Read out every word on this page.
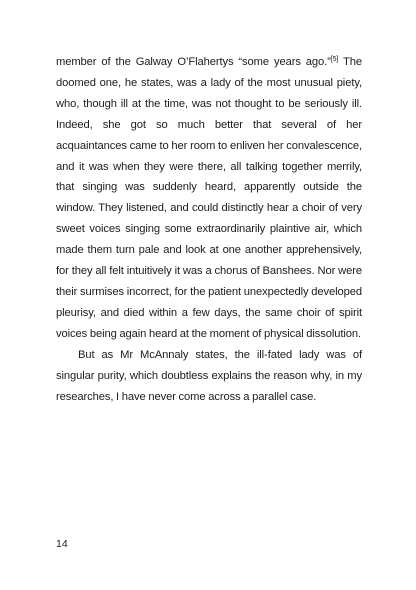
member of the Galway O’Flahertys “some years ago.”[5] The doomed one, he states, was a lady of the most unusual piety, who, though ill at the time, was not thought to be seriously ill. Indeed, she got so much better that several of her acquaintances came to her room to enliven her convalescence, and it was when they were there, all talking together merrily, that singing was suddenly heard, apparently outside the window. They listened, and could distinctly hear a choir of very sweet voices singing some extraordinarily plaintive air, which made them turn pale and look at one another apprehensively, for they all felt intuitively it was a chorus of Banshees. Nor were their surmises incorrect, for the patient unexpectedly developed pleurisy, and died within a few days, the same choir of spirit voices being again heard at the moment of physical dissolution.

But as Mr McAnnaly states, the ill-fated lady was of singular purity, which doubtless explains the reason why, in my researches, I have never come across a parallel case.

14
